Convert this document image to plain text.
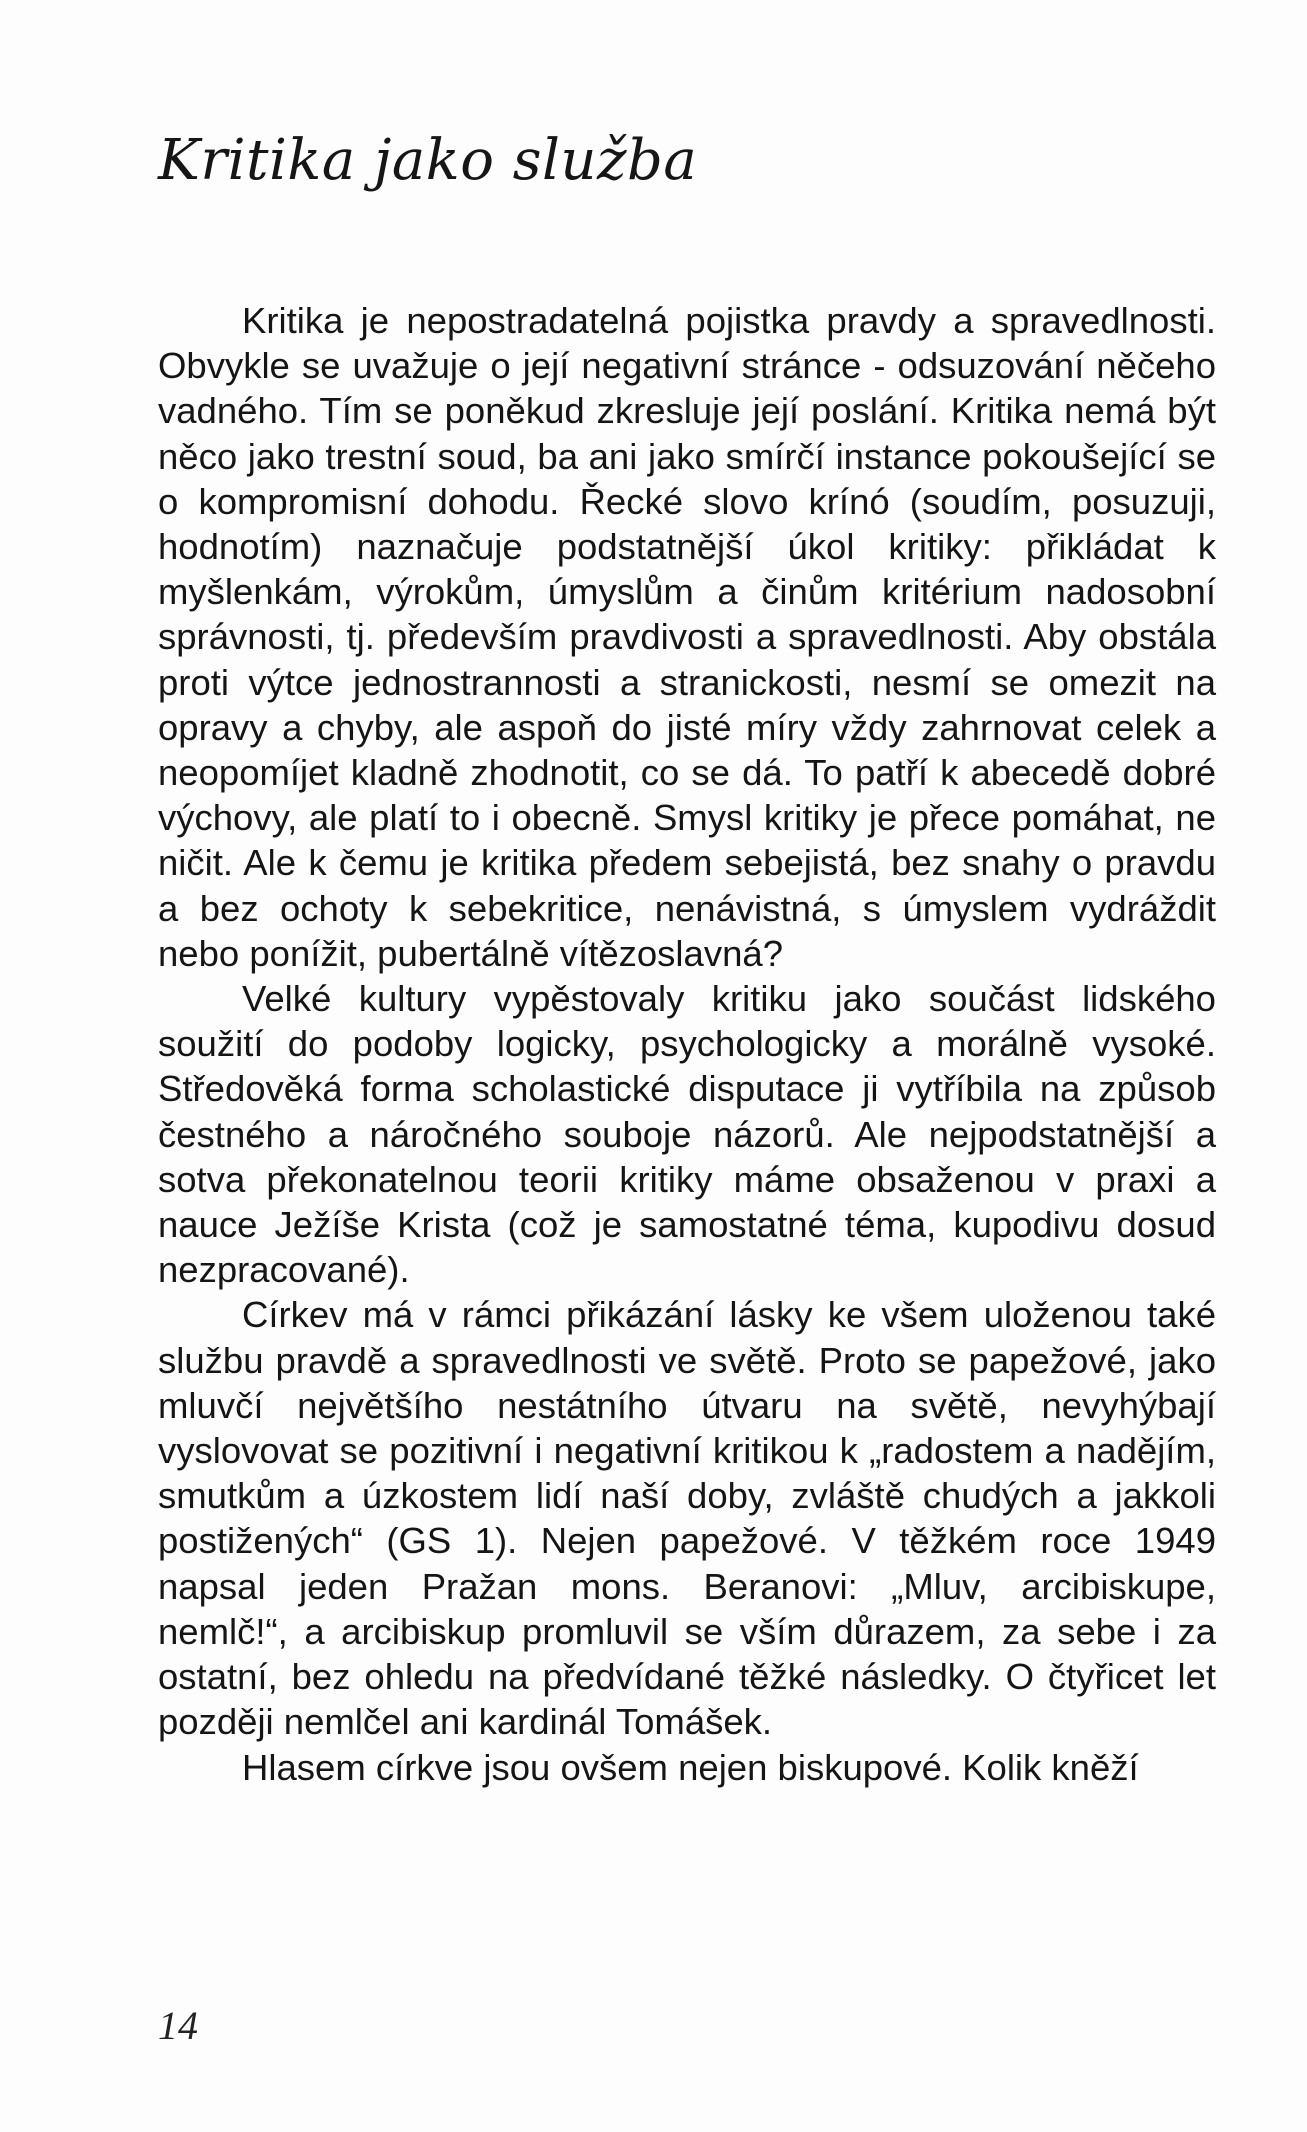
Kritika jako služba

Kritika je nepostradatelná pojistka pravdy a spravedlnosti. Obvykle se uvažuje o její negativní stránce - odsuzování něčeho vadného. Tím se poněkud zkresluje její poslání. Kritika nemá být něco jako trestní soud, ba ani jako smírčí instance pokoušející se o kompromisní dohodu. Řecké slovo krínó (soudím, posuzuji, hodnotím) naznačuje podstatnější úkol kritiky: přikládat k myšlenkám, výrokům, úmyslům a činům kritérium nadosobní správnosti, tj. především pravdivosti a spravedlnosti. Aby obstála proti výtce jednostrannosti a stranickosti, nesmí se omezit na opravy a chyby, ale aspoň do jisté míry vždy zahrnovat celek a neopomíjet kladně zhodnotit, co se dá. To patří k abecedě dobré výchovy, ale platí to i obecně. Smysl kritiky je přece pomáhat, ne ničit. Ale k čemu je kritika předem sebejistá, bez snahy o pravdu a bez ochoty k sebekritice, nenávistná, s úmyslem vydráždit nebo ponížit, pubertálně vítězoslavná?

Velké kultury vypěstovaly kritiku jako součást lidského soužití do podoby logicky, psychologicky a morálně vysoké. Středověká forma scholastické disputace ji vytříbila na způsob čestného a náročného souboje názorů. Ale nejpodstatnější a sotva překonatelnou teorii kritiky máme obsaženou v praxi a nauce Ježíše Krista (což je samostatné téma, kupodivu dosud nezpracované).

Církev má v rámci přikázání lásky ke všem uloženou také službu pravdě a spravedlnosti ve světě. Proto se papežové, jako mluvčí největšího nestátního útvaru na světě, nevyhýbají vyslovovat se pozitivní i negativní kritikou k „radostem a nadějím, smutkům a úzkostem lidí naší doby, zvláště chudých a jakkoli postižených“ (GS 1). Nejen papežové. V těžkém roce 1949 napsal jeden Pražan mons. Beranovi: „Mluv, arcibiskupe, nemlč!“, a arcibiskup promluvil se vším důrazem, za sebe i za ostatní, bez ohledu na předvídané těžké následky. O čtyřicet let později nemlčel ani kardinál Tomášek.

Hlasem církve jsou ovšem nejen biskupové. Kolik kněží

14
